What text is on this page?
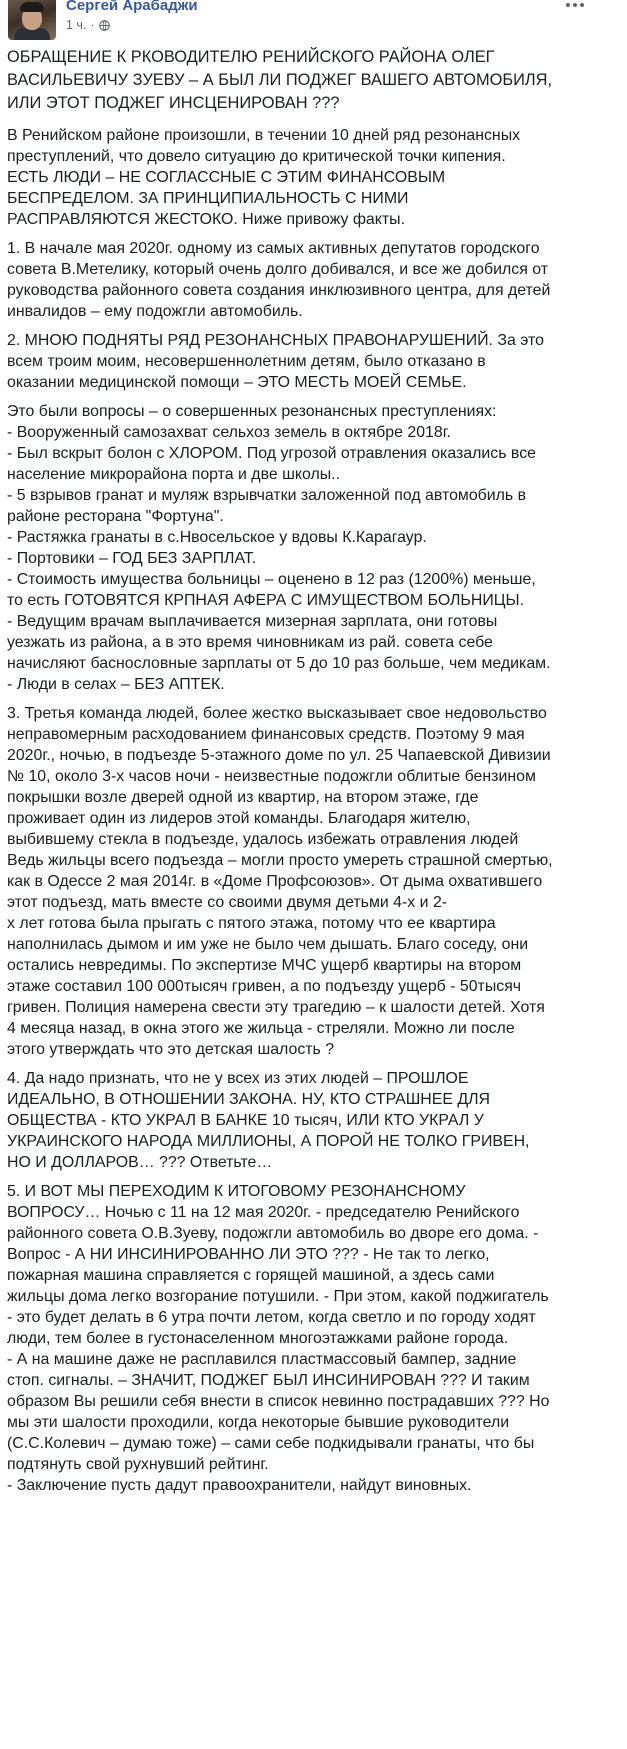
Сергей Арабаджи
1 ч. ·

ОБРАЩЕНИЕ К РКОВОДИТЕЛЮ РЕНИЙСКОГО РАЙОНА ОЛЕГ ВАСИЛЬЕВИЧУ ЗУЕВУ – А БЫЛ ЛИ ПОДЖЕГ ВАШЕГО АВТОМОБИЛЯ, ИЛИ ЭТОТ ПОДЖЕГ ИНСЦЕНИРОВАН ???

В Ренийском районе произошли, в течении 10 дней ряд резонансных преступлений, что довело ситуацию до критической точки кипения.

ЕСТЬ ЛЮДИ – НЕ СОГЛАССНЫЕ С ЭТИМ ФИНАНСОВЫМ БЕСПРЕДЕЛОМ. ЗА ПРИНЦИПИАЛЬНОСТЬ С НИМИ РАСПРАВЛЯЮТСЯ ЖЕСТОКО. Ниже привожу факты.

1. В начале мая 2020г. одному из самых активных депутатов городского совета В.Метелику, который очень долго добивался, и все же добился от руководства районного совета создания инклюзивного центра, для детей инвалидов – ему подожгли автомобиль.

2. МНОЮ ПОДНЯТЫ РЯД РЕЗОНАНСНЫХ ПРАВОНАРУШЕНИЙ. За это всем троим моим, несовершеннолетним детям, было отказано в оказании медицинской помощи – ЭТО МЕСТЬ МОЕЙ СЕМЬЕ.

Это были вопросы – о совершенных резонансных преступлениях:

- Вооруженный самозахват сельхоз земель в октябре 2018г.

- Был вскрыт болон с ХЛОРОМ. Под угрозой отравления оказались все население микрорайона порта и две школы..

- 5 взрывов гранат и муляж взрывчатки заложенной под автомобиль в районе ресторана "Фортуна".

- Растяжка гранаты в с.Нвосельское у вдовы К.Карагаур.

- Портовики – ГОД БЕЗ ЗАРПЛАТ.

- Стоимость имущества больницы – оценено в 12 раз (1200%) меньше, то есть ГОТОВЯТСЯ КРПНАЯ АФЕРА С ИМУЩЕСТВОМ БОЛЬНИЦЫ.

- Ведущим врачам выплачивается мизерная зарплата, они готовы уезжать из района, а в это время чиновникам из рай. совета себе начисляют баснословные зарплаты от 5 до 10 раз больше, чем медикам.

- Люди в селах – БЕЗ АПТЕК.

3. Третья команда людей, более жестко высказывает свое недовольство неправомерным расходованием финансовых средств. Поэтому 9 мая 2020г., ночью, в подъезде 5-этажного доме по ул. 25 Чапаевской Дивизии № 10, около 3-х часов ночи - неизвестные подожгли облитые бензином покрышки возле дверей одной из квартир, на втором этаже, где проживает один из лидеров этой команды. Благодаря жителю, выбившему стекла в подъезде, удалось избежать отравления людей Ведь жильцы всего подъезда – могли просто умереть страшной смертью, как в Одессе 2 мая 2014г. в «Доме Профсоюзов». От дыма охватившего этот подъезд, мать вместе со своими двумя детьми 4-х и 2-

х лет готова была прыгать с пятого этажа, потому что ее квартира наполнилась дымом и им уже не было чем дышать. Благо соседу, они остались невредимы. По экспертизе МЧС ущерб квартиры на втором этаже составил 100 000тысяч гривен, а по подъезду ущерб - 50тысяч гривен. Полиция намерена свести эту трагедию – к шалости детей. Хотя 4 месяца назад, в окна этого же жильца - стреляли. Можно ли после этого утверждать что это детская шалость ?

4. Да надо признать, что не у всех из этих людей – ПРОШЛОЕ ИДЕАЛЬНО, В ОТНОШЕНИИ ЗАКОНА. НУ, КТО СТРАШНЕЕ ДЛЯ ОБЩЕСТВА - КТО УКРАЛ В БАНКЕ 10 тысяч, ИЛИ КТО УКРАЛ У УКРАИНСКОГО НАРОДА МИЛЛИОНЫ, А ПОРОЙ НЕ ТОЛКО ГРИВЕН, НО И ДОЛЛАРОВ… ??? Ответьте…

5. И ВОТ МЫ ПЕРЕХОДИМ К ИТОГОВОМУ РЕЗОНАНСНОМУ ВОПРОСУ… Ночью с 11 на 12 мая 2020г. - председателю Ренийского районного совета О.В.Зуеву, подожгли автомобиль во дворе его дома. - Вопрос - А НИ ИНСИНИРОВАННО ЛИ ЭТО ??? - Не так то легко, пожарная машина справляется с горящей машиной, а здесь сами жильцы дома легко возгорание потушили. - При этом, какой поджигатель - это будет делать в 6 утра почти летом, когда светло и по городу ходят люди, тем более в густонаселенном многоэтажками районе города.

- А на машине даже не расплавился пластмассовый бампер, задние стоп. сигналы. – ЗНАЧИТ, ПОДЖЕГ БЫЛ ИНСИНИРОВАН ??? И таким образом Вы решили себя внести в список невинно пострадавших ??? Но мы эти шалости проходили, когда некоторые бывшие руководители (С.С.Колевич – думаю тоже) – сами себе подкидывали гранаты, что бы подтянуть свой рухнувший рейтинг.

- Заключение пусть дадут правоохранители, найдут виновных.
